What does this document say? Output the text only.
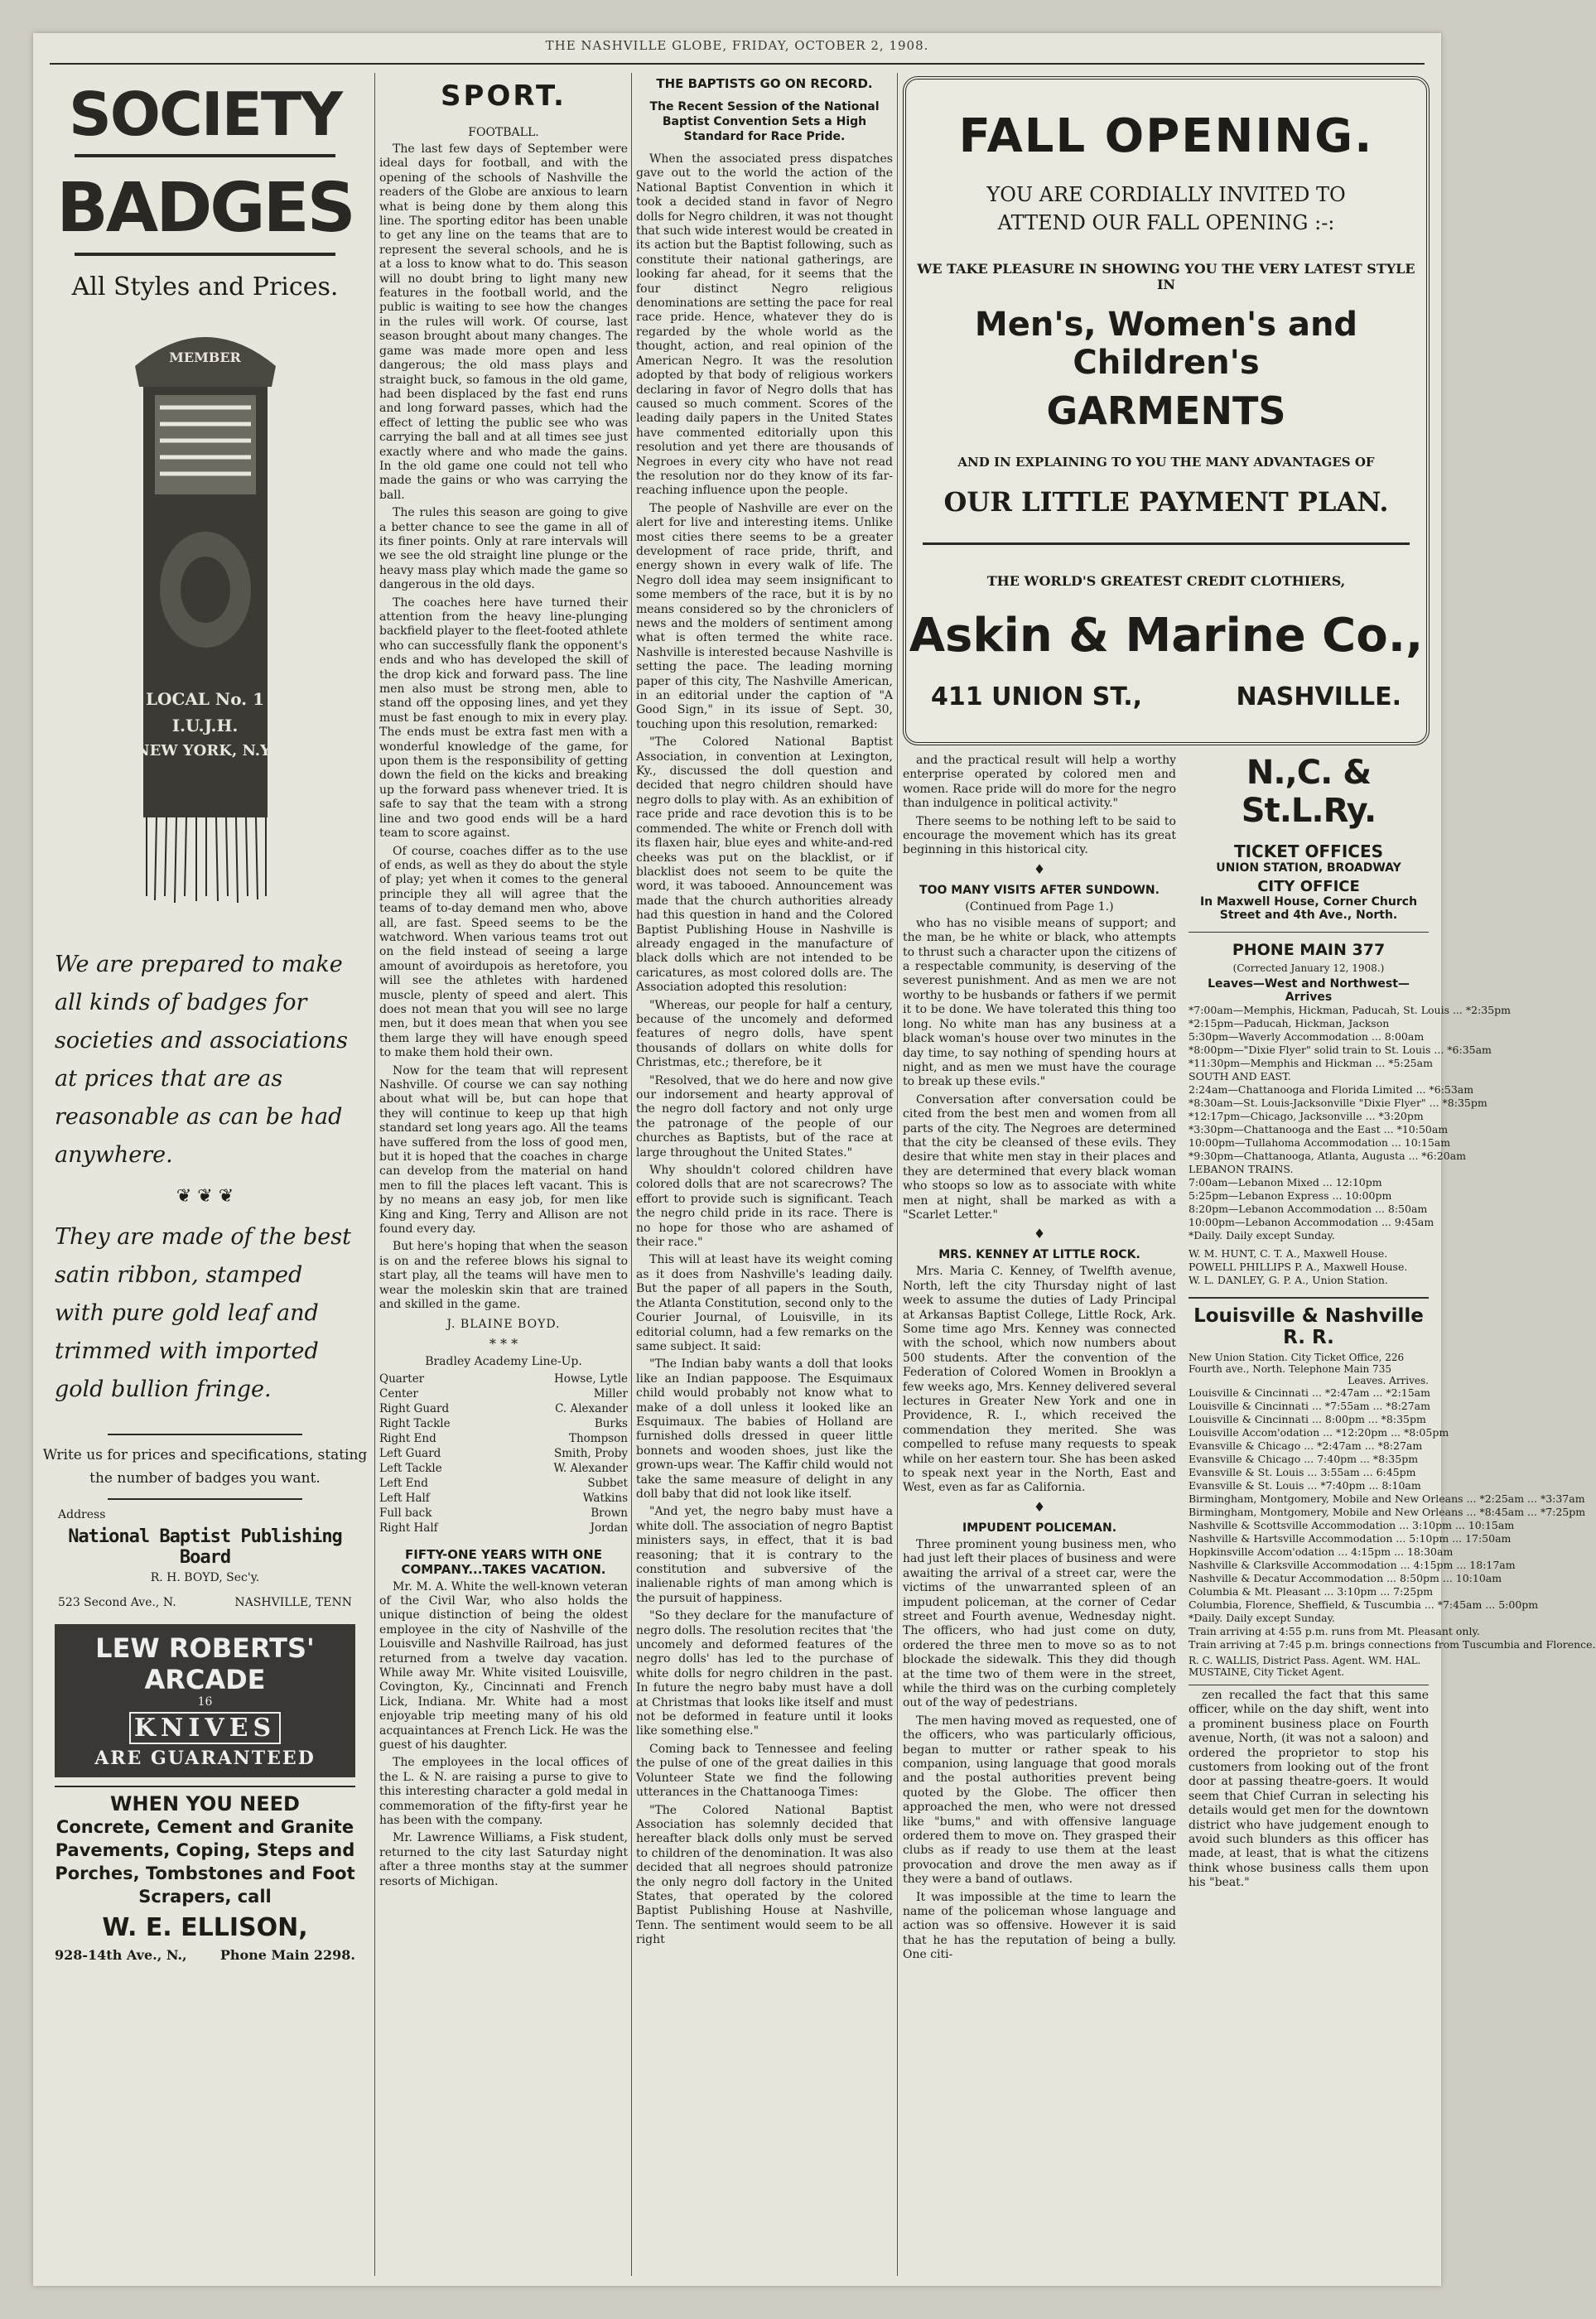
THE NASHVILLE GLOBE, FRIDAY, OCTOBER 2, 1908.
SOCIETY
BADGES
All Styles and Prices.
MEMBER
LOCAL No. 1
I.U.J.H.
NEW YORK, N.Y.
We are prepared to make all kinds of badges for societies and associations at prices that are as reasonable as can be had anywhere.
❦ ❦ ❦
They are made of the best satin ribbon, stamped with pure gold leaf and trimmed with imported gold bullion fringe.
Write us for prices and specifications, stating the number of badges you want.
Address
National Baptist Publishing Board
R. H. BOYD, Sec'y.
523 Second Ave., N.	NASHVILLE, TENN
LEW ROBERTS' ARCADE
16
KNIVES
ARE GUARANTEED
WHEN YOU NEED
Concrete, Cement and Granite Pavements, Coping, Steps and Porches, Tombstones and Foot Scrapers, call
W. E. ELLISON,
928-14th Ave., N.,	Phone Main 2298.
SPORT.
FOOTBALL.

The last few days of September were ideal days for football, and with the opening of the schools of Nashville the readers of the Globe are anxious to learn what is being done by them along this line. The sporting editor has been unable to get any line on the teams that are to represent the several schools, and he is at a loss to know what to do. This season will no doubt bring to light many new features in the football world, and the public is waiting to see how the changes in the rules will work. Of course, last season brought about many changes. The game was made more open and less dangerous; the old mass plays and straight buck, so famous in the old game, had been displaced by the fast end runs and long forward passes, which had the effect of letting the public see who was carrying the ball and at all times see just exactly where and who made the gains. In the old game one could not tell who made the gains or who was carrying the ball.

The rules this season are going to give a better chance to see the game in all of its finer points. Only at rare intervals will we see the old straight line plunge or the heavy mass play which made the game so dangerous in the old days.

The coaches here have turned their attention from the heavy line-plunging backfield player to the fleet-footed athlete who can successfully flank the opponent's ends and who has developed the skill of the drop kick and forward pass. The line men also must be strong men, able to stand off the opposing lines, and yet they must be fast enough to mix in every play. The ends must be extra fast men with a wonderful knowledge of the game, for upon them is the responsibility of getting down the field on the kicks and breaking up the forward pass whenever tried. It is safe to say that the team with a strong line and two good ends will be a hard team to score against.

Of course, coaches differ as to the use of ends, as well as they do about the style of play; yet when it comes to the general principle they all will agree that the teams of to-day demand men who, above all, are fast. Speed seems to be the watchword. When various teams trot out on the field instead of seeing a large amount of avoirdupois as heretofore, you will see the athletes with hardened muscle, plenty of speed and alert. This does not mean that you will see no large men, but it does mean that when you see them large they will have enough speed to make them hold their own.

Now for the team that will represent Nashville. Of course we can say nothing about what will be, but can hope that they will continue to keep up that high standard set long years ago. All the teams have suffered from the loss of good men, but it is hoped that the coaches in charge can develop from the material on hand men to fill the places left vacant. This is by no means an easy job, for men like King and King, Terry and Allison are not found every day.

But here's hoping that when the season is on and the referee blows his signal to start play, all the teams will have men to wear the moleskin skin that are trained and skilled in the game.

J. BLAINE BOYD.
* * *
Bradley Academy Line-Up.
Quarter	Howse, Lytle
Center	Miller
Right Guard	C. Alexander
Right Tackle	Burks
Right End	Thompson
Left Guard	Smith, Proby
Left Tackle	W. Alexander
Left End	Subbet
Left Half	Watkins
Full back	Brown
Right Half	Jordan
FIFTY-ONE YEARS WITH ONE COMPANY...TAKES VACATION.

Mr. M. A. White the well-known veteran of the Civil War, who also holds the unique distinction of being the oldest employee in the city of Nashville of the Louisville and Nashville Railroad, has just returned from a twelve day vacation. While away Mr. White visited Louisville, Covington, Ky., Cincinnati and French Lick, Indiana. Mr. White had a most enjoyable trip meeting many of his old acquaintances at French Lick. He was the guest of his daughter.

The employees in the local offices of the L. & N. are raising a purse to give to this interesting character a gold medal in commemoration of the fifty-first year he has been with the company.

Mr. Lawrence Williams, a Fisk student, returned to the city last Saturday night after a three months stay at the summer resorts of Michigan.

THE BAPTISTS GO ON RECORD.
The Recent Session of the National Baptist Convention Sets a High Standard for Race Pride.

When the associated press dispatches gave out to the world the action of the National Baptist Convention in which it took a decided stand in favor of Negro dolls for Negro children, it was not thought that such wide interest would be created in its action but the Baptist following, such as constitute their national gatherings, are looking far ahead, for it seems that the four distinct Negro religious denominations are setting the pace for real race pride. Hence, whatever they do is regarded by the whole world as the thought, action, and real opinion of the American Negro. It was the resolution adopted by that body of religious workers declaring in favor of Negro dolls that has caused so much comment. Scores of the leading daily papers in the United States have commented editorially upon this resolution and yet there are thousands of Negroes in every city who have not read the resolution nor do they know of its far-reaching influence upon the people.

The people of Nashville are ever on the alert for live and interesting items. Unlike most cities there seems to be a greater development of race pride, thrift, and energy shown in every walk of life. The Negro doll idea may seem insignificant to some members of the race, but it is by no means considered so by the chroniclers of news and the molders of sentiment among what is often termed the white race. Nashville is interested because Nashville is setting the pace. The leading morning paper of this city, The Nashville American, in an editorial under the caption of "A Good Sign," in its issue of Sept. 30, touching upon this resolution, remarked:

"The Colored National Baptist Association, in convention at Lexington, Ky., discussed the doll question and decided that negro children should have negro dolls to play with. As an exhibition of race pride and race devotion this is to be commended. The white or French doll with its flaxen hair, blue eyes and white-and-red cheeks was put on the blacklist, or if blacklist does not seem to be quite the word, it was tabooed. Announcement was made that the church authorities already had this question in hand and the Colored Baptist Publishing House in Nashville is already engaged in the manufacture of black dolls which are not intended to be caricatures, as most colored dolls are. The Association adopted this resolution:

"Whereas, our people for half a century, because of the uncomely and deformed features of negro dolls, have spent thousands of dollars on white dolls for Christmas, etc.; therefore, be it

"Resolved, that we do here and now give our indorsement and hearty approval of the negro doll factory and not only urge the patronage of the people of our churches as Baptists, but of the race at large throughout the United States."

Why shouldn't colored children have colored dolls that are not scarecrows? The effort to provide such is significant. Teach the negro child pride in its race. There is no hope for those who are ashamed of their race."

This will at least have its weight coming as it does from Nashville's leading daily. But the paper of all papers in the South, the Atlanta Constitution, second only to the Courier Journal, of Louisville, in its editorial column, had a few remarks on the same subject. It said:

"The Indian baby wants a doll that looks like an Indian pappoose. The Esquimaux child would probably not know what to make of a doll unless it looked like an Esquimaux. The babies of Holland are furnished dolls dressed in queer little bonnets and wooden shoes, just like the grown-ups wear. The Kaffir child would not take the same measure of delight in any doll baby that did not look like itself.

"And yet, the negro baby must have a white doll. The association of negro Baptist ministers says, in effect, that it is bad reasoning; that it is contrary to the constitution and subversive of the inalienable rights of man among which is the pursuit of happiness.

"So they declare for the manufacture of negro dolls. The resolution recites that 'the uncomely and deformed features of the negro dolls' has led to the purchase of white dolls for negro children in the past. In future the negro baby must have a doll at Christmas that looks like itself and must not be deformed in feature until it looks like something else."

Coming back to Tennessee and feeling the pulse of one of the great dailies in this Volunteer State we find the following utterances in the Chattanooga Times:

"The Colored National Baptist Association has solemnly decided that hereafter black dolls only must be served to children of the denomination. It was also decided that all negroes should patronize the only negro doll factory in the United States, that operated by the colored Baptist Publishing House at Nashville, Tenn. The sentiment would seem to be all right

FALL OPENING.
YOU ARE CORDIALLY INVITED TO
ATTEND OUR FALL OPENING :-:
WE TAKE PLEASURE IN SHOWING YOU THE VERY LATEST STYLE IN
Men's, Women's and Children's
GARMENTS
AND IN EXPLAINING TO YOU THE MANY ADVANTAGES OF
OUR LITTLE PAYMENT PLAN.
THE WORLD'S GREATEST CREDIT CLOTHIERS,
Askin & Marine Co.,
411 UNION ST.,	NASHVILLE.

and the practical result will help a worthy enterprise operated by colored men and women. Race pride will do more for the negro than indulgence in political activity."

There seems to be nothing left to be said to encourage the movement which has its great beginning in this historical city.

♦
TOO MANY VISITS AFTER SUNDOWN.
(Continued from Page 1.)

who has no visible means of support; and the man, be he white or black, who attempts to thrust such a character upon the citizens of a respectable community, is deserving of the severest punishment. And as men we are not worthy to be husbands or fathers if we permit it to be done. We have tolerated this thing too long. No white man has any business at a black woman's house over two minutes in the day time, to say nothing of spending hours at night, and as men we must have the courage to break up these evils."

Conversation after conversation could be cited from the best men and women from all parts of the city. The Negroes are determined that the city be cleansed of these evils. They desire that white men stay in their places and they are determined that every black woman who stoops so low as to associate with white men at night, shall be marked as with a "Scarlet Letter."

♦
MRS. KENNEY AT LITTLE ROCK.

Mrs. Maria C. Kenney, of Twelfth avenue, North, left the city Thursday night of last week to assume the duties of Lady Principal at Arkansas Baptist College, Little Rock, Ark. Some time ago Mrs. Kenney was connected with the school, which now numbers about 500 students. After the convention of the Federation of Colored Women in Brooklyn a few weeks ago, Mrs. Kenney delivered several lectures in Greater New York and one in Providence, R. I., which received the commendation they merited. She was compelled to refuse many requests to speak while on her eastern tour. She has been asked to speak next year in the North, East and West, even as far as California.

♦
IMPUDENT POLICEMAN.

Three prominent young business men, who had just left their places of business and were awaiting the arrival of a street car, were the victims of the unwarranted spleen of an impudent policeman, at the corner of Cedar street and Fourth avenue, Wednesday night. The officers, who had just come on duty, ordered the three men to move so as to not blockade the sidewalk. This they did though at the time two of them were in the street, while the third was on the curbing completely out of the way of pedestrians.

The men having moved as requested, one of the officers, who was particularly officious, began to mutter or rather speak to his companion, using language that good morals and the postal authorities prevent being quoted by the Globe. The officer then approached the men, who were not dressed like "bums," and with offensive language ordered them to move on. They grasped their clubs as if ready to use them at the least provocation and drove the men away as if they were a band of outlaws.

It was impossible at the time to learn the name of the policeman whose language and action was so offensive. However it is said that he has the reputation of being a bully. One citi-

N.,C. & St.L.Ry.
TICKET OFFICES
UNION STATION, BROADWAY
CITY OFFICE
In Maxwell House, Corner Church Street and 4th Ave., North.
PHONE MAIN 377
(Corrected January 12, 1908.)
Leaves—West and Northwest—Arrives
*7:00am—Memphis, Hickman, Paducah, St. Louis ... *2:35pm
*2:15pm—Paducah, Hickman, Jackson
5:30pm—Waverly Accommodation ... 8:00am
*8:00pm—"Dixie Flyer" solid train to St. Louis ... *6:35am
*11:30pm—Memphis and Hickman ... *5:25am
SOUTH AND EAST.
2:24am—Chattanooga and Florida Limited ... *6:53am
*8:30am—St. Louis-Jacksonville "Dixie Flyer" ... *8:35pm
*12:17pm—Chicago, Jacksonville ... *3:20pm
*3:30pm—Chattanooga and the East ... *10:50am
10:00pm—Tullahoma Accommodation ... 10:15am
*9:30pm—Chattanooga, Atlanta, Augusta ... *6:20am
LEBANON TRAINS.
7:00am—Lebanon Mixed ... 12:10pm
5:25pm—Lebanon Express ... 10:00pm
8:20pm—Lebanon Accommodation ... 8:50am
10:00pm—Lebanon Accommodation ... 9:45am
*Daily. Daily except Sunday.
W. M. HUNT, C. T. A., Maxwell House.
POWELL PHILLIPS P. A., Maxwell House.
W. L. DANLEY, G. P. A., Union Station.
Louisville & Nashville R. R.
New Union Station. City Ticket Office, 226 Fourth ave., North. Telephone Main 735
Leaves. Arrives.
Louisville & Cincinnati ... *2:47am ... *2:15am
Louisville & Cincinnati ... *7:55am ... *8:27am
Louisville & Cincinnati ... 8:00pm ... *8:35pm
Louisville Accom'odation ... *12:20pm ... *8:05pm
Evansville & Chicago ... *2:47am ... *8:27am
Evansville & Chicago ... 7:40pm ... *8:35pm
Evansville & St. Louis ... 3:55am ... 6:45pm
Evansville & St. Louis ... *7:40pm ... 8:10am
Birmingham, Montgomery, Mobile and New Orleans ... *2:25am ... *3:37am
Birmingham, Montgomery, Mobile and New Orleans ... *8:45am ... *7:25pm
Nashville & Scottsville Accommodation ... 3:10pm ... 10:15am
Nashville & Hartsville Accommodation ... 5:10pm ... 17:50am
Hopkinsville Accom'odation ... 4:15pm ... 18:30am
Nashville & Clarksville Accommodation ... 4:15pm ... 18:17am
Nashville & Decatur Accommodation ... 8:50pm ... 10:10am
Columbia & Mt. Pleasant ... 3:10pm ... 7:25pm
Columbia, Florence, Sheffield, & Tuscumbia ... *7:45am ... 5:00pm
*Daily. Daily except Sunday.
Train arriving at 4:55 p.m. runs from Mt. Pleasant only.
Train arriving at 7:45 p.m. brings connections from Tuscumbia and Florence.
R. C. WALLIS, District Pass. Agent. WM. HAL. MUSTAINE, City Ticket Agent.

zen recalled the fact that this same officer, while on the day shift, went into a prominent business place on Fourth avenue, North, (it was not a saloon) and ordered the proprietor to stop his customers from looking out of the front door at passing theatre-goers. It would seem that Chief Curran in selecting his details would get men for the downtown district who have judgement enough to avoid such blunders as this officer has made, at least, that is what the citizens think whose business calls them upon his "beat."
